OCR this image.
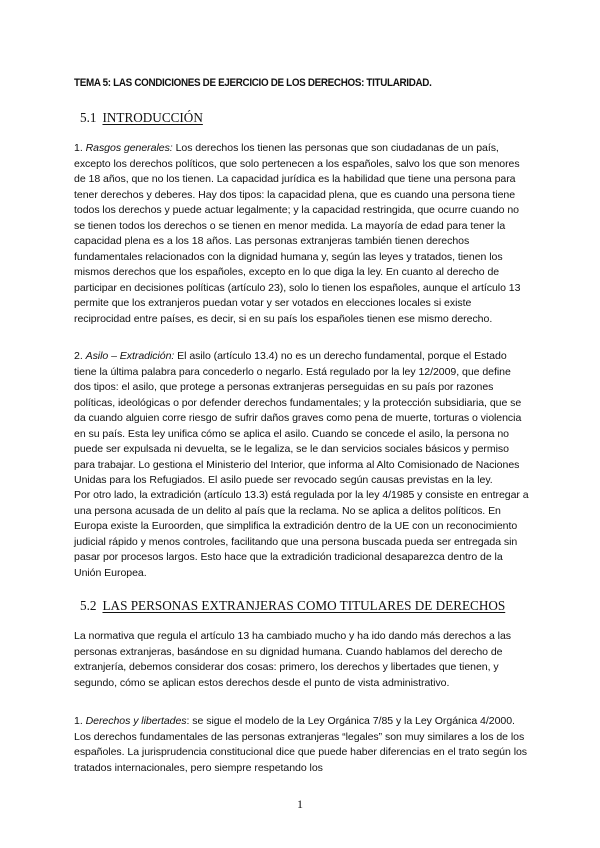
TEMA 5: LAS CONDICIONES DE EJERCICIO DE LOS DERECHOS: TITULARIDAD.
5.1 INTRODUCCIÓN

1. Rasgos generales: Los derechos los tienen las personas que son ciudadanas de un país, excepto los derechos políticos, que solo pertenecen a los españoles, salvo los que son menores de 18 años, que no los tienen. La capacidad jurídica es la habilidad que tiene una persona para tener derechos y deberes. Hay dos tipos: la capacidad plena, que es cuando una persona tiene todos los derechos y puede actuar legalmente; y la capacidad restringida, que ocurre cuando no se tienen todos los derechos o se tienen en menor medida. La mayoría de edad para tener la capacidad plena es a los 18 años. Las personas extranjeras también tienen derechos fundamentales relacionados con la dignidad humana y, según las leyes y tratados, tienen los mismos derechos que los españoles, excepto en lo que diga la ley. En cuanto al derecho de participar en decisiones políticas (artículo 23), solo lo tienen los españoles, aunque el artículo 13 permite que los extranjeros puedan votar y ser votados en elecciones locales si existe reciprocidad entre países, es decir, si en su país los españoles tienen ese mismo derecho.

2. Asilo – Extradición: El asilo (artículo 13.4) no es un derecho fundamental, porque el Estado tiene la última palabra para concederlo o negarlo. Está regulado por la ley 12/2009, que define dos tipos: el asilo, que protege a personas extranjeras perseguidas en su país por razones políticas, ideológicas o por defender derechos fundamentales; y la protección subsidiaria, que se da cuando alguien corre riesgo de sufrir daños graves como pena de muerte, torturas o violencia en su país. Esta ley unifica cómo se aplica el asilo. Cuando se concede el asilo, la persona no puede ser expulsada ni devuelta, se le legaliza, se le dan servicios sociales básicos y permiso para trabajar. Lo gestiona el Ministerio del Interior, que informa al Alto Comisionado de Naciones Unidas para los Refugiados. El asilo puede ser revocado según causas previstas en la ley.

Por otro lado, la extradición (artículo 13.3) está regulada por la ley 4/1985 y consiste en entregar a una persona acusada de un delito al país que la reclama. No se aplica a delitos políticos. En Europa existe la Euroorden, que simplifica la extradición dentro de la UE con un reconocimiento judicial rápido y menos controles, facilitando que una persona buscada pueda ser entregada sin pasar por procesos largos. Esto hace que la extradición tradicional desaparezca dentro de la Unión Europea.

5.2 LAS PERSONAS EXTRANJERAS COMO TITULARES DE DERECHOS

La normativa que regula el artículo 13 ha cambiado mucho y ha ido dando más derechos a las personas extranjeras, basándose en su dignidad humana. Cuando hablamos del derecho de extranjería, debemos considerar dos cosas: primero, los derechos y libertades que tienen, y segundo, cómo se aplican estos derechos desde el punto de vista administrativo.

1. Derechos y libertades: se sigue el modelo de la Ley Orgánica 7/85 y la Ley Orgánica 4/2000. Los derechos fundamentales de las personas extranjeras “legales” son muy similares a los de los españoles. La jurisprudencia constitucional dice que puede haber diferencias en el trato según los tratados internacionales, pero siempre respetando los

1
